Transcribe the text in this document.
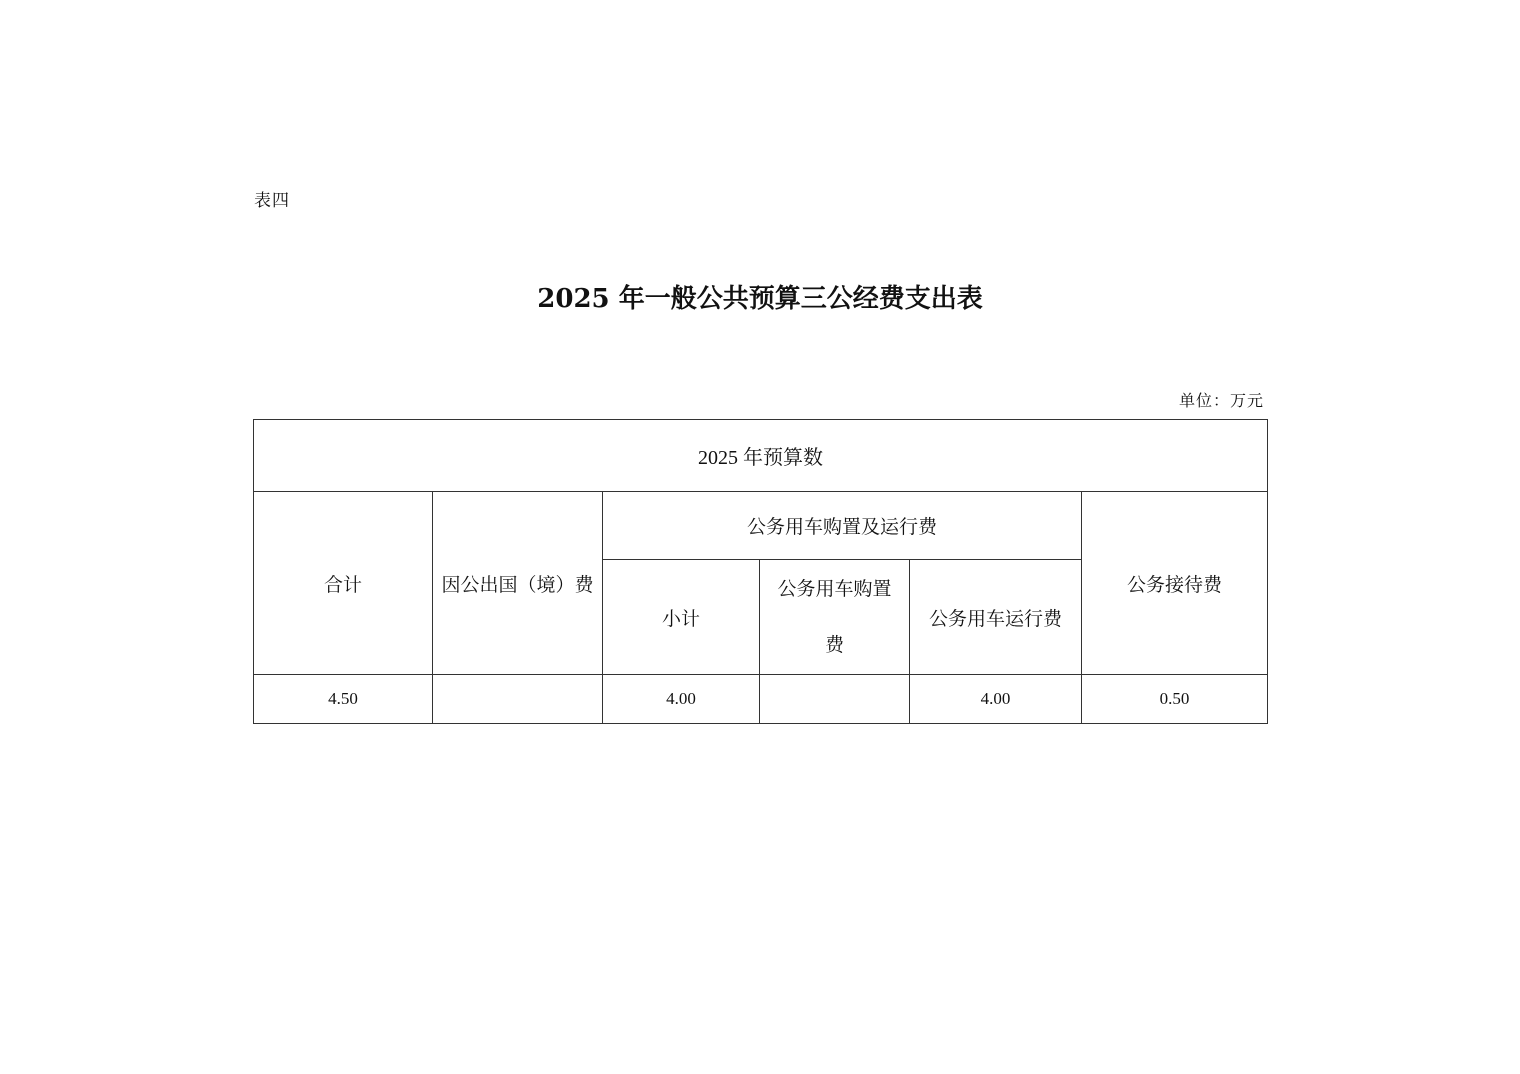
表四
2025 年一般公共预算三公经费支出表
单位：万元
2025 年预算数					
合计	因公出国（境）费	公务用车购置及运行费			公务接待费
		小计	公务用车购置费	公务用车运行费	
4.50		4.00		4.00	0.50
